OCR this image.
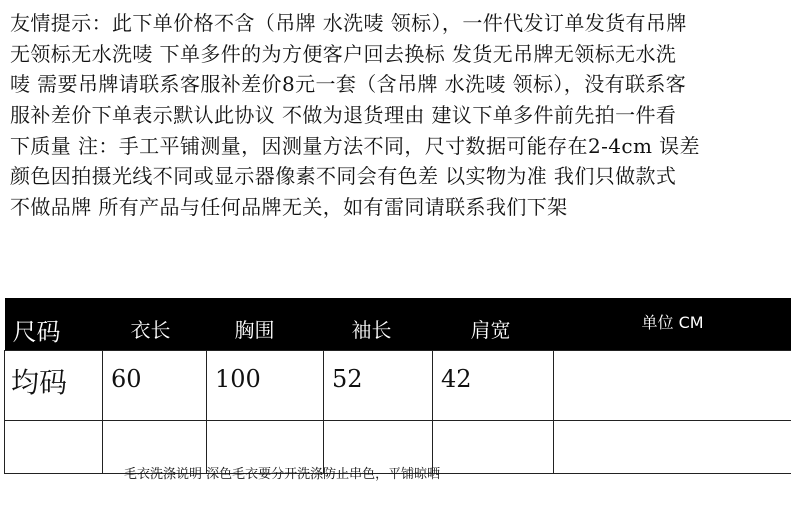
友情提示：此下单价格不含（吊牌 水洗唛 领标），一件代发订单发货有吊牌
无领标无水洗唛 下单多件的为方便客户回去换标 发货无吊牌无领标无水洗
唛 需要吊牌请联系客服补差价8元一套（含吊牌 水洗唛 领标），没有联系客
服补差价下单表示默认此协议 不做为退货理由 建议下单多件前先拍一件看
下质量 注：手工平铺测量，因测量方法不同，尺寸数据可能存在2-4cm 误差
颜色因拍摄光线不同或显示器像素不同会有色差 以实物为准 我们只做款式
不做品牌 所有产品与任何品牌无关，如有雷同请联系我们下架
尺码	衣长	胸围	袖长	肩宽	单位 CM
均码	60	100	52	42	

毛衣洗涤说明 深色毛衣要分开洗涤防止串色，平铺晾晒
